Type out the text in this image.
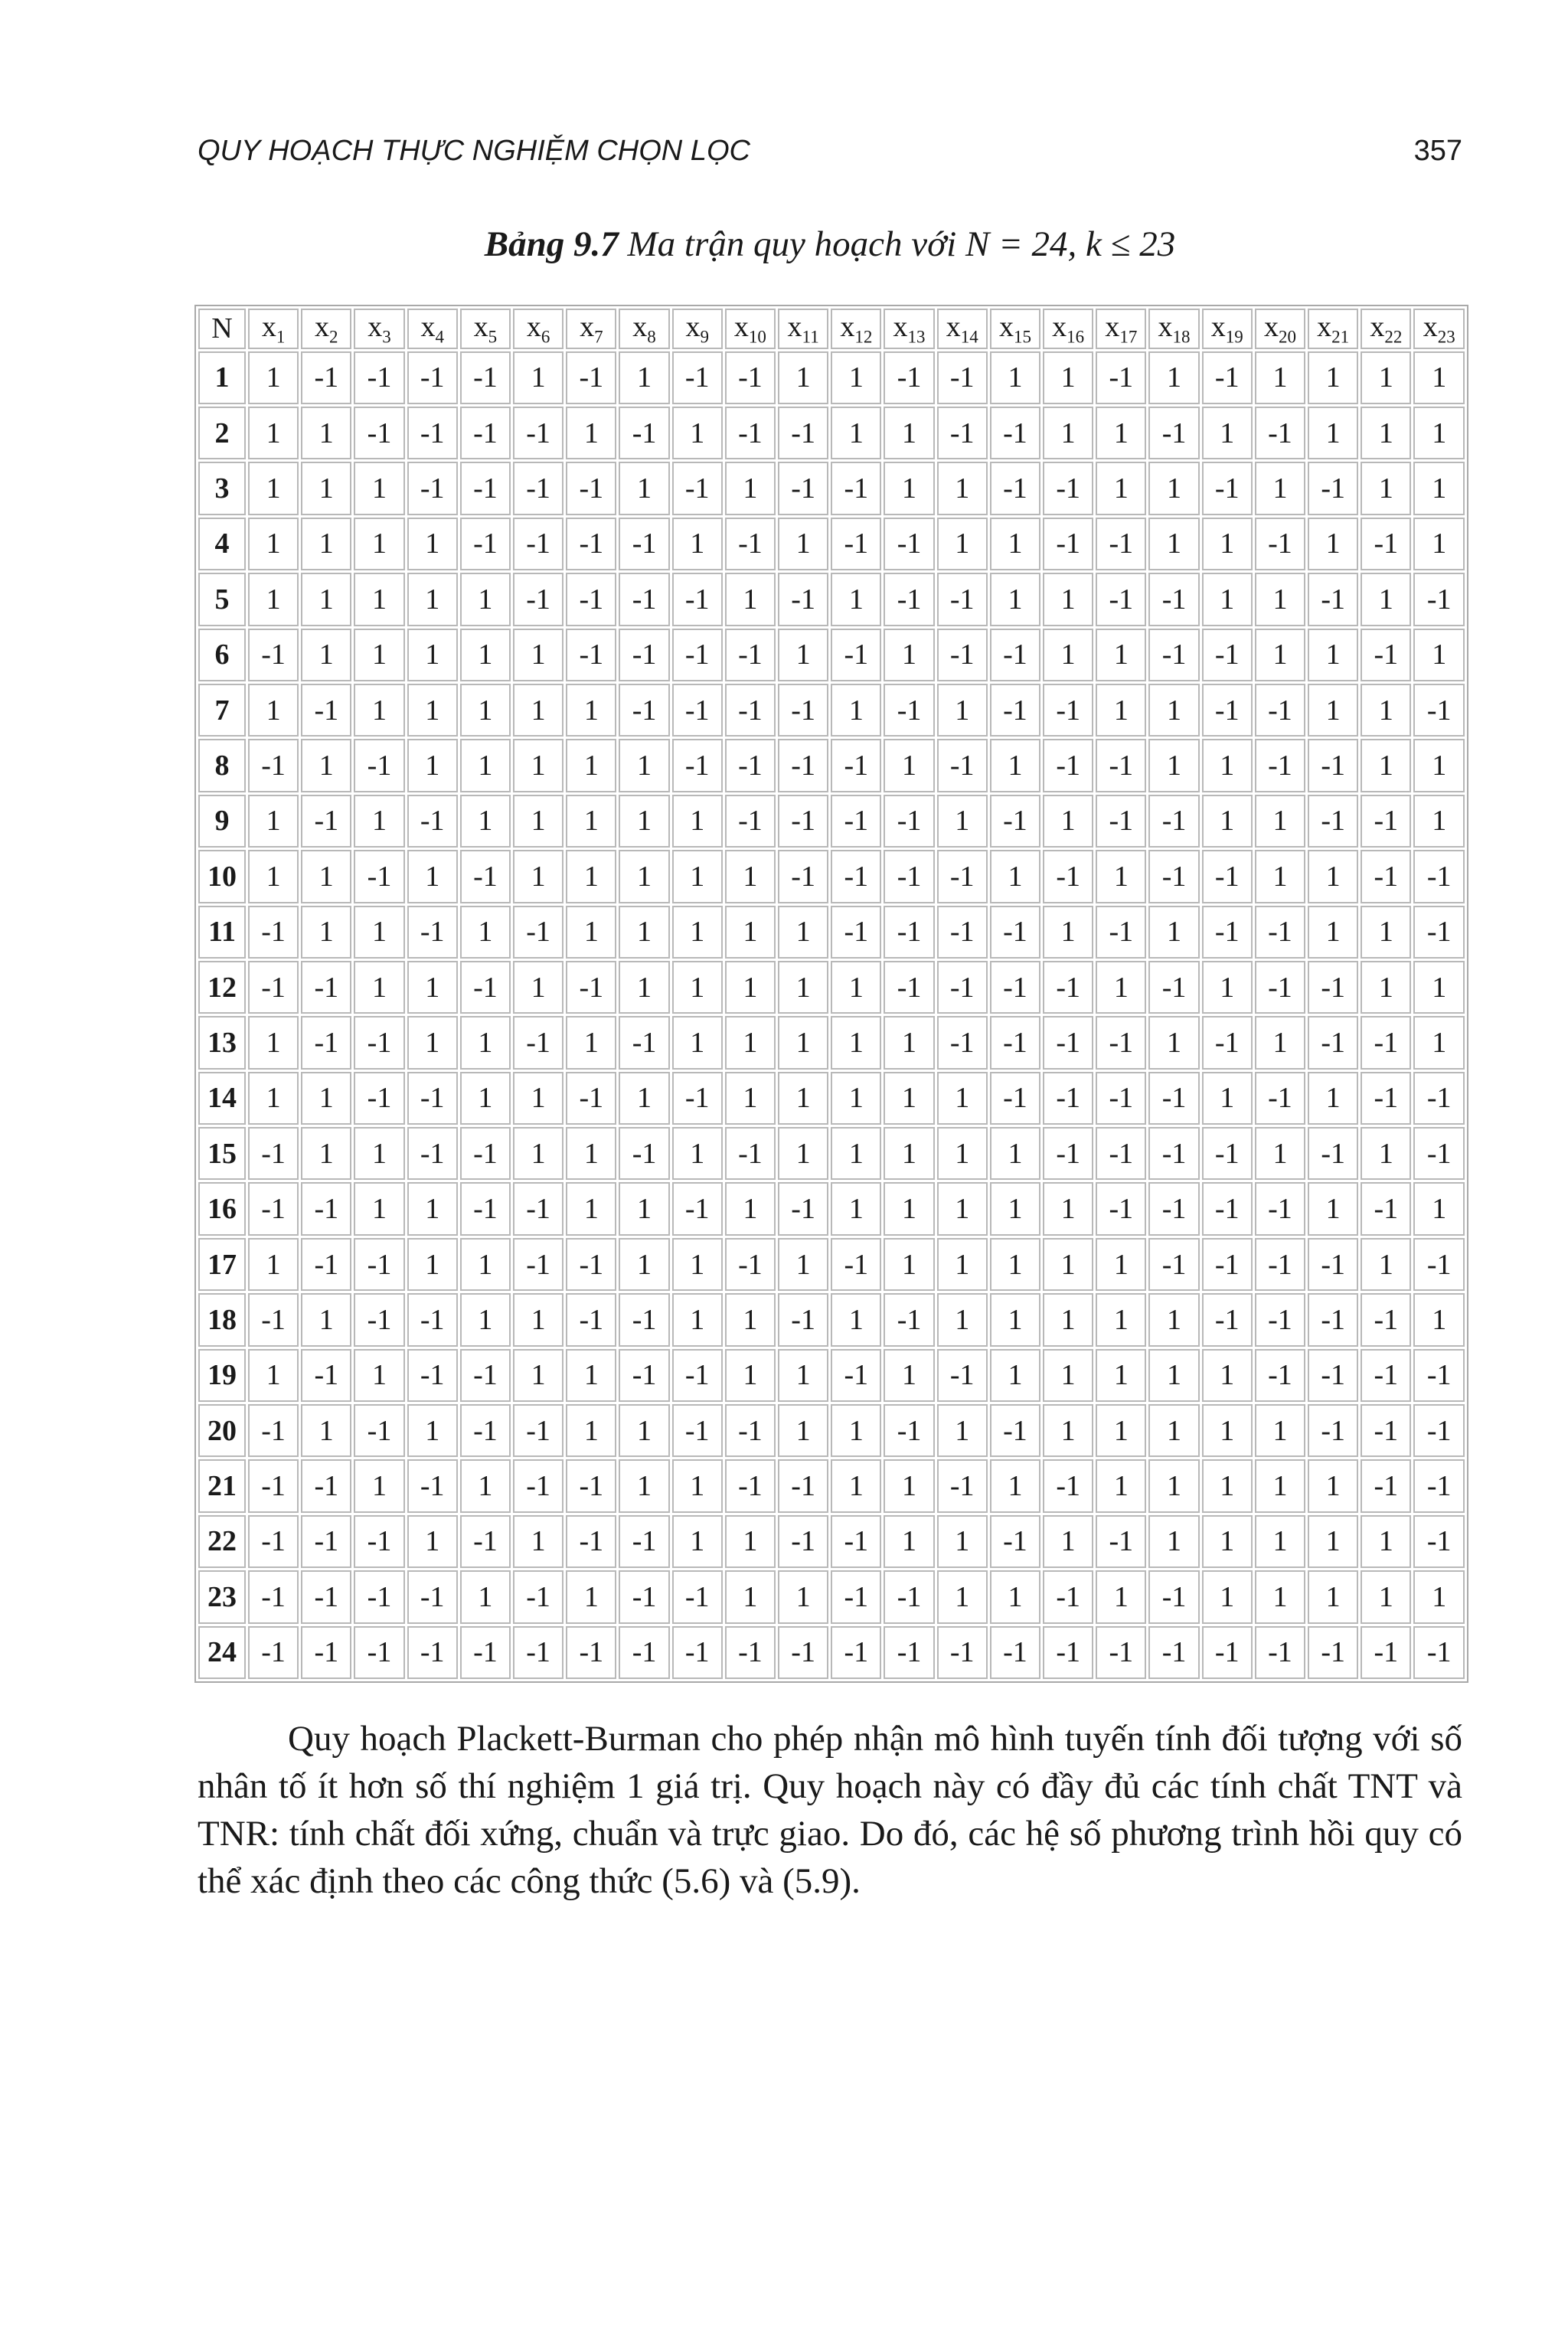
QUY HOẠCH THỰC NGHIỆM CHỌN LỌC	357
Bảng 9.7 Ma trận quy hoạch với N = 24, k ≤ 23
N	$x_1$	$x_2$	$x_3$	$x_4$	$x_5$	$x_6$	$x_7$	$x_8$	$x_9$	$x_{10}$	$x_{11}$	$x_{12}$	$x_{13}$	$x_{14}$	$x_{15}$	$x_{16}$	$x_{17}$	$x_{18}$	$x_{19}$	$x_{20}$	$x_{21}$	$x_{22}$	$x_{23}$
1	1	-1	-1	-1	-1	1	-1	1	-1	-1	1	1	-1	-1	1	1	-1	1	-1	1	1	1	1
2	1	1	-1	-1	-1	-1	1	-1	1	-1	-1	1	1	-1	-1	1	1	-1	1	-1	1	1	1
3	1	1	1	-1	-1	-1	-1	1	-1	1	-1	-1	1	1	-1	-1	1	1	-1	1	-1	1	1
4	1	1	1	1	-1	-1	-1	-1	1	-1	1	-1	-1	1	1	-1	-1	1	1	-1	1	-1	1
5	1	1	1	1	1	-1	-1	-1	-1	1	-1	1	-1	-1	1	1	-1	-1	1	1	-1	1	-1
6	-1	1	1	1	1	1	-1	-1	-1	-1	1	-1	1	-1	-1	1	1	-1	-1	1	1	-1	1
7	1	-1	1	1	1	1	1	-1	-1	-1	-1	1	-1	1	-1	-1	1	1	-1	-1	1	1	-1
8	-1	1	-1	1	1	1	1	1	-1	-1	-1	-1	1	-1	1	-1	-1	1	1	-1	-1	1	1
9	1	-1	1	-1	1	1	1	1	1	-1	-1	-1	-1	1	-1	1	-1	-1	1	1	-1	-1	1
10	1	1	-1	1	-1	1	1	1	1	1	-1	-1	-1	-1	1	-1	1	-1	-1	1	1	-1	-1
11	-1	1	1	-1	1	-1	1	1	1	1	1	-1	-1	-1	-1	1	-1	1	-1	-1	1	1	-1
12	-1	-1	1	1	-1	1	-1	1	1	1	1	1	-1	-1	-1	-1	1	-1	1	-1	-1	1	1
13	1	-1	-1	1	1	-1	1	-1	1	1	1	1	1	-1	-1	-1	-1	1	-1	1	-1	-1	1
14	1	1	-1	-1	1	1	-1	1	-1	1	1	1	1	1	-1	-1	-1	-1	1	-1	1	-1	-1
15	-1	1	1	-1	-1	1	1	-1	1	-1	1	1	1	1	1	-1	-1	-1	-1	1	-1	1	-1
16	-1	-1	1	1	-1	-1	1	1	-1	1	-1	1	1	1	1	1	-1	-1	-1	-1	1	-1	1
17	1	-1	-1	1	1	-1	-1	1	1	-1	1	-1	1	1	1	1	1	-1	-1	-1	-1	1	-1
18	-1	1	-1	-1	1	1	-1	-1	1	1	-1	1	-1	1	1	1	1	1	-1	-1	-1	-1	1
19	1	-1	1	-1	-1	1	1	-1	-1	1	1	-1	1	-1	1	1	1	1	1	-1	-1	-1	-1
20	-1	1	-1	1	-1	-1	1	1	-1	-1	1	1	-1	1	-1	1	1	1	1	1	-1	-1	-1
21	-1	-1	1	-1	1	-1	-1	1	1	-1	-1	1	1	-1	1	-1	1	1	1	1	1	-1	-1
22	-1	-1	-1	1	-1	1	-1	-1	1	1	-1	-1	1	1	-1	1	-1	1	1	1	1	1	-1
23	-1	-1	-1	-1	1	-1	1	-1	-1	1	1	-1	-1	1	1	-1	1	-1	1	1	1	1	1
24	-1	-1	-1	-1	-1	-1	-1	-1	-1	-1	-1	-1	-1	-1	-1	-1	-1	-1	-1	-1	-1	-1	-1

Quy hoạch Plackett-Burman cho phép nhận mô hình tuyến tính đối tượng với số nhân tố ít hơn số thí nghiệm 1 giá trị. Quy hoạch này có đầy đủ các tính chất TNT và TNR: tính chất đối xứng, chuẩn và trực giao. Do đó, các hệ số phương trình hồi quy có thể xác định theo các công thức (5.6) và (5.9).
